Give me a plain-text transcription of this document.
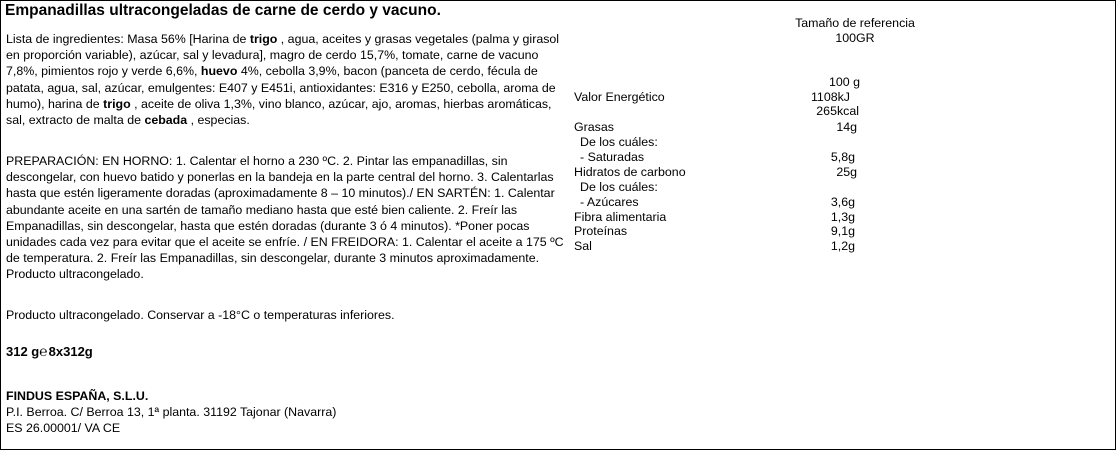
Empanadillas ultracongeladas de carne de cerdo y vacuno.
Lista de ingredientes: Masa 56% [Harina de trigo , agua, aceites y grasas vegetales (palma y girasol en proporción variable), azúcar, sal y levadura], magro de cerdo 15,7%, tomate, carne de vacuno 7,8%, pimientos rojo y verde 6,6%, huevo 4%, cebolla 3,9%, bacon (panceta de cerdo, fécula de patata, agua, sal, azúcar, emulgentes: E407 y E451i, antioxidantes: E316 y E250, cebolla, aroma de humo), harina de trigo , aceite de oliva 1,3%, vino blanco, azúcar, ajo, aromas, hierbas aromáticas, sal, extracto de malta de cebada , especias.
PREPARACIÓN: EN HORNO: 1. Calentar el horno a 230 ºC. 2. Pintar las empanadillas, sin descongelar, con huevo batido y ponerlas en la bandeja en la parte central del horno. 3. Calentarlas hasta que estén ligeramente doradas (aproximadamente 8 – 10 minutos)./ EN SARTÉN: 1. Calentar abundante aceite en una sartén de tamaño mediano hasta que esté bien caliente. 2. Freír las Empanadillas, sin descongelar, hasta que estén doradas (durante 3 ó 4 minutos). *Poner pocas unidades cada vez para evitar que el aceite se enfríe. / EN FREIDORA: 1. Calentar el aceite a 175 ºC de temperatura. 2. Freír las Empanadillas, sin descongelar, durante 3 minutos aproximadamente.
Producto ultracongelado.
Producto ultracongelado. Conservar a -18°C o temperaturas inferiores.
312 g℮8x312g
FINDUS ESPAÑA, S.L.U.
P.I. Berroa. C/ Berroa 13, 1ª planta. 31192 Tajonar (Navarra)
ES 26.00001/ VA CE
Tamaño de referencia
100GR
100 g
Valor Energético	1108kJ
265kcal
Grasas	14g
De los cuáles:
- Saturadas	5,8g
Hidratos de carbono	25g
De los cuáles:
- Azúcares	3,6g
Fibra alimentaria	1,3g
Proteínas	9,1g
Sal	1,2g
